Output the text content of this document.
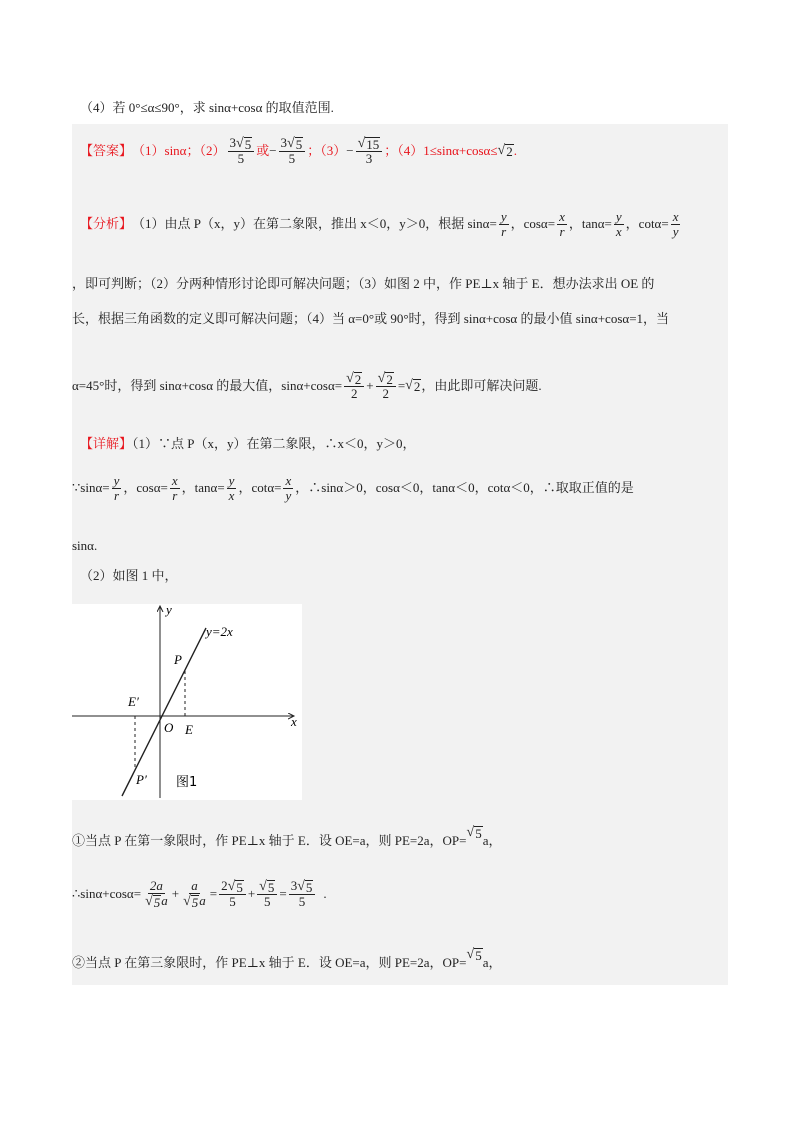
（4）若 0°≤α≤90°，求 sinα+cosα 的取值范围.
【答案】 （1）sinα；$(2) \frac{3 √ 5}{5}$ 或 − $\frac{3 √ 5}{5}$ ；$(3) - \frac{√ 15}{3}$ ；（4）1≤sinα+cosα≤ √ 2 .
【分析】 （1）由点 P（x，y）在第二象限，推出 x＜0，y＞0，根据 $\sin\alpha= \frac{y}{r}$ ，$\cos\alpha= \frac{x}{r}$ ，$\tan\alpha= \frac{y}{x}$ ，$\cot\alpha= \frac{x}{y}$
，即可判断；（2）分两种情形讨论即可解决问题；（3）如图 2 中，作 PE⊥x 轴于 E．想办法求出 OE 的
长，根据三角函数的定义即可解决问题；（4）当 α=0°或 90°时，得到 sinα+cosα 的最小值 sinα+cosα=1，当
α=45°时，得到 sinα+cosα 的最大值，$\sin\alpha+\cos\alpha= \frac{√ 2}{2} + \frac{√ 2}{2}$ = √ 2 ，由此即可解决问题.
【详解】（1）∵点 P（x，y）在第二象限，∴x＜0，y＞0，
∵sinα= $\frac{y}{r}$ ，$\cos\alpha= \frac{x}{r}$ ，$\tan\alpha= \frac{y}{x}$ ，$\cot\alpha= \frac{x}{y}$ ，∴sinα＞0，cosα＜0，tanα＜0，cotα＜0，∴取取正值的是
sinα.
（2）如图 1 中，
y
x
y=2x
P
E′
O E
P′ 图1
①当点 P 在第一象限时，作 PE⊥x 轴于 E．设 OE=a，则 PE=2a，OP=
√ 5 a，
∴sinα+cosα= $\frac{2a}{√ 5 a} + \frac{a}{√ 5 a} = \frac{2 √ 5}{5} + \frac{√ 5}{5} = \frac{3 √ 5}{5}$ .
②当点 P 在第三象限时，作 PE⊥x 轴于 E．设 OE=a，则 PE=2a，OP=
√ 5 a，
